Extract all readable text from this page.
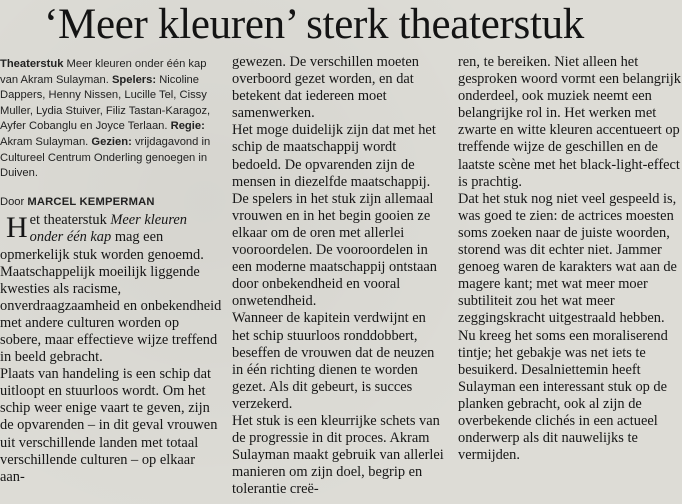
‘Meer kleuren’ sterk theaterstuk
Theaterstuk Meer kleuren onder één kap van Akram Sulayman. Spelers: Nicoline Dappers, Henny Nissen, Lucille Tel, Cissy Muller, Lydia Stuiver, Filiz Tastan-Karagoz, Ayfer Cobanglu en Joyce Terlaan. Regie: Akram Sulayman. Gezien: vrijdagavond in Cultureel Centrum Onderling genoegen in Duiven.
Door MARCEL KEMPERMAN

Het theaterstuk Meer kleuren onder één kap mag een opmerkelijk stuk worden genoemd. Maatschappelijk moeilijk liggende kwesties als racisme, onverdraagzaamheid en onbekendheid met andere culturen worden op sobere, maar effectieve wijze treffend in beeld gebracht.

Plaats van handeling is een schip dat uitloopt en stuurloos wordt. Om het schip weer enige vaart te geven, zijn de opvarenden – in dit geval vrouwen uit verschillende landen met totaal verschillende culturen – op elkaar aan-

gewezen. De verschillen moeten overboord gezet worden, en dat betekent dat iedereen moet samenwerken.

Het moge duidelijk zijn dat met het schip de maatschappij wordt bedoeld. De opvarenden zijn de mensen in diezelfde maatschappij. De spelers in het stuk zijn allemaal vrouwen en in het begin gooien ze elkaar om de oren met allerlei vooroordelen. De vooroordelen in een moderne maatschappij ontstaan door onbekendheid en vooral onwetendheid.

Wanneer de kapitein verdwijnt en het schip stuurloos ronddobbert, beseffen de vrouwen dat de neuzen in één richting dienen te worden gezet. Als dit gebeurt, is succes verzekerd.

Het stuk is een kleurrijke schets van de progressie in dit proces. Akram Sulayman maakt gebruik van allerlei manieren om zijn doel, begrip en tolerantie creë-

ren, te bereiken. Niet alleen het gesproken woord vormt een belangrijk onderdeel, ook muziek neemt een belangrijke rol in. Het werken met zwarte en witte kleuren accentueert op treffende wijze de geschillen en de laatste scène met het black-light-effect is prachtig.

Dat het stuk nog niet veel gespeeld is, was goed te zien: de actrices moesten soms zoeken naar de juiste woorden, storend was dit echter niet. Jammer genoeg waren de karakters wat aan de magere kant; met wat meer moer subtiliteit zou het wat meer zeggingskracht uitgestraald hebben. Nu kreeg het soms een moraliserend tintje; het gebakje was net iets te besuikerd. Desalniettemin heeft Sulayman een interessant stuk op de planken gebracht, ook al zijn de overbekende clichés in een actueel onderwerp als dit nauwelijks te vermijden.
